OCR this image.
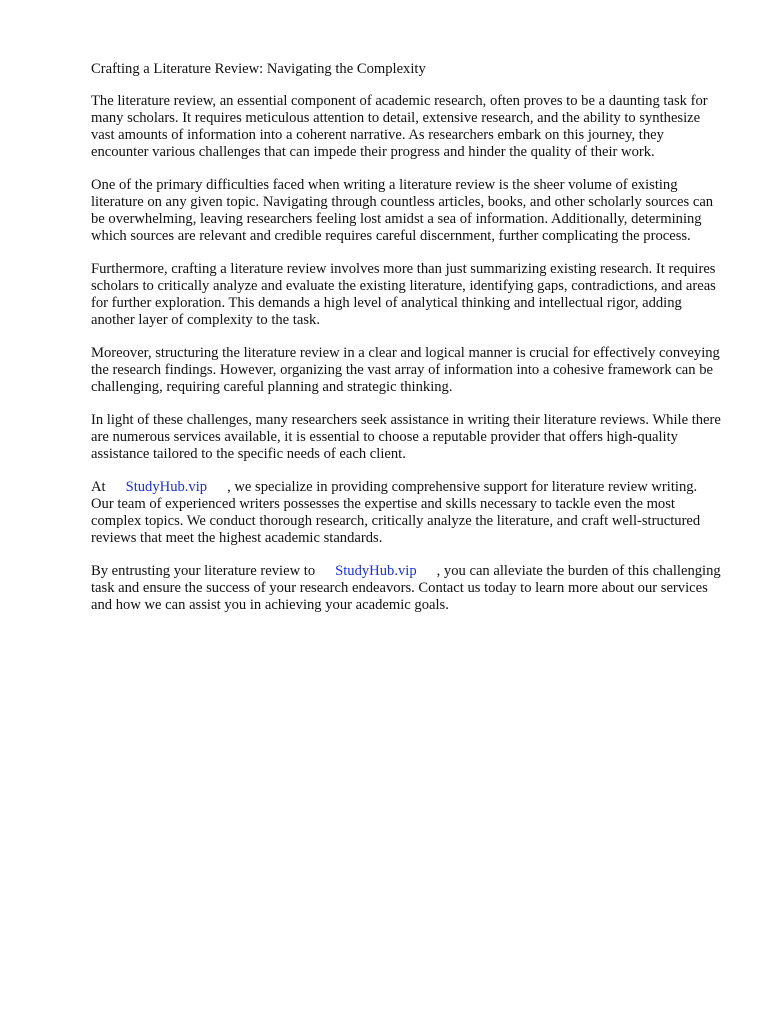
Crafting a Literature Review: Navigating the Complexity

The literature review, an essential component of academic research, often proves to be a daunting task for many scholars. It requires meticulous attention to detail, extensive research, and the ability to synthesize vast amounts of information into a coherent narrative. As researchers embark on this journey, they encounter various challenges that can impede their progress and hinder the quality of their work.

One of the primary difficulties faced when writing a literature review is the sheer volume of existing literature on any given topic. Navigating through countless articles, books, and other scholarly sources can be overwhelming, leaving researchers feeling lost amidst a sea of information. Additionally, determining which sources are relevant and credible requires careful discernment, further complicating the process.

Furthermore, crafting a literature review involves more than just summarizing existing research. It requires scholars to critically analyze and evaluate the existing literature, identifying gaps, contradictions, and areas for further exploration. This demands a high level of analytical thinking and intellectual rigor, adding another layer of complexity to the task.

Moreover, structuring the literature review in a clear and logical manner is crucial for effectively conveying the research findings. However, organizing the vast array of information into a cohesive framework can be challenging, requiring careful planning and strategic thinking.

In light of these challenges, many researchers seek assistance in writing their literature reviews. While there are numerous services available, it is essential to choose a reputable provider that offers high-quality assistance tailored to the specific needs of each client.

At StudyHub.vip , we specialize in providing comprehensive support for literature review writing. Our team of experienced writers possesses the expertise and skills necessary to tackle even the most complex topics. We conduct thorough research, critically analyze the literature, and craft well-structured reviews that meet the highest academic standards.

By entrusting your literature review to StudyHub.vip , you can alleviate the burden of this challenging task and ensure the success of your research endeavors. Contact us today to learn more about our services and how we can assist you in achieving your academic goals.
